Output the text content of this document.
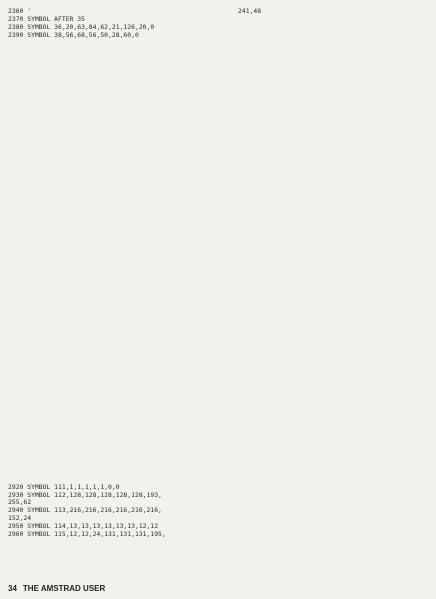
2360 '
2370 SYMBOL AFTER 35
2380 SYMBOL 36,20,63,84,62,21,126,20,0
2390 SYMBOL 38,56,68,56,50,28,60,0
2920 SYMBOL 111,1,1,1,1,1,0,0
2930 SYMBOL 112,128,128,128,128,128,193,
255,62
2940 SYMBOL 113,216,216,216,216,216,216,
152,24
2950 SYMBOL 114,13,13,13,13,13,13,12,12
2960 SYMBOL 115,12,12,24,131,131,131,195,
241,48
34 THE AMSTRAD USER
